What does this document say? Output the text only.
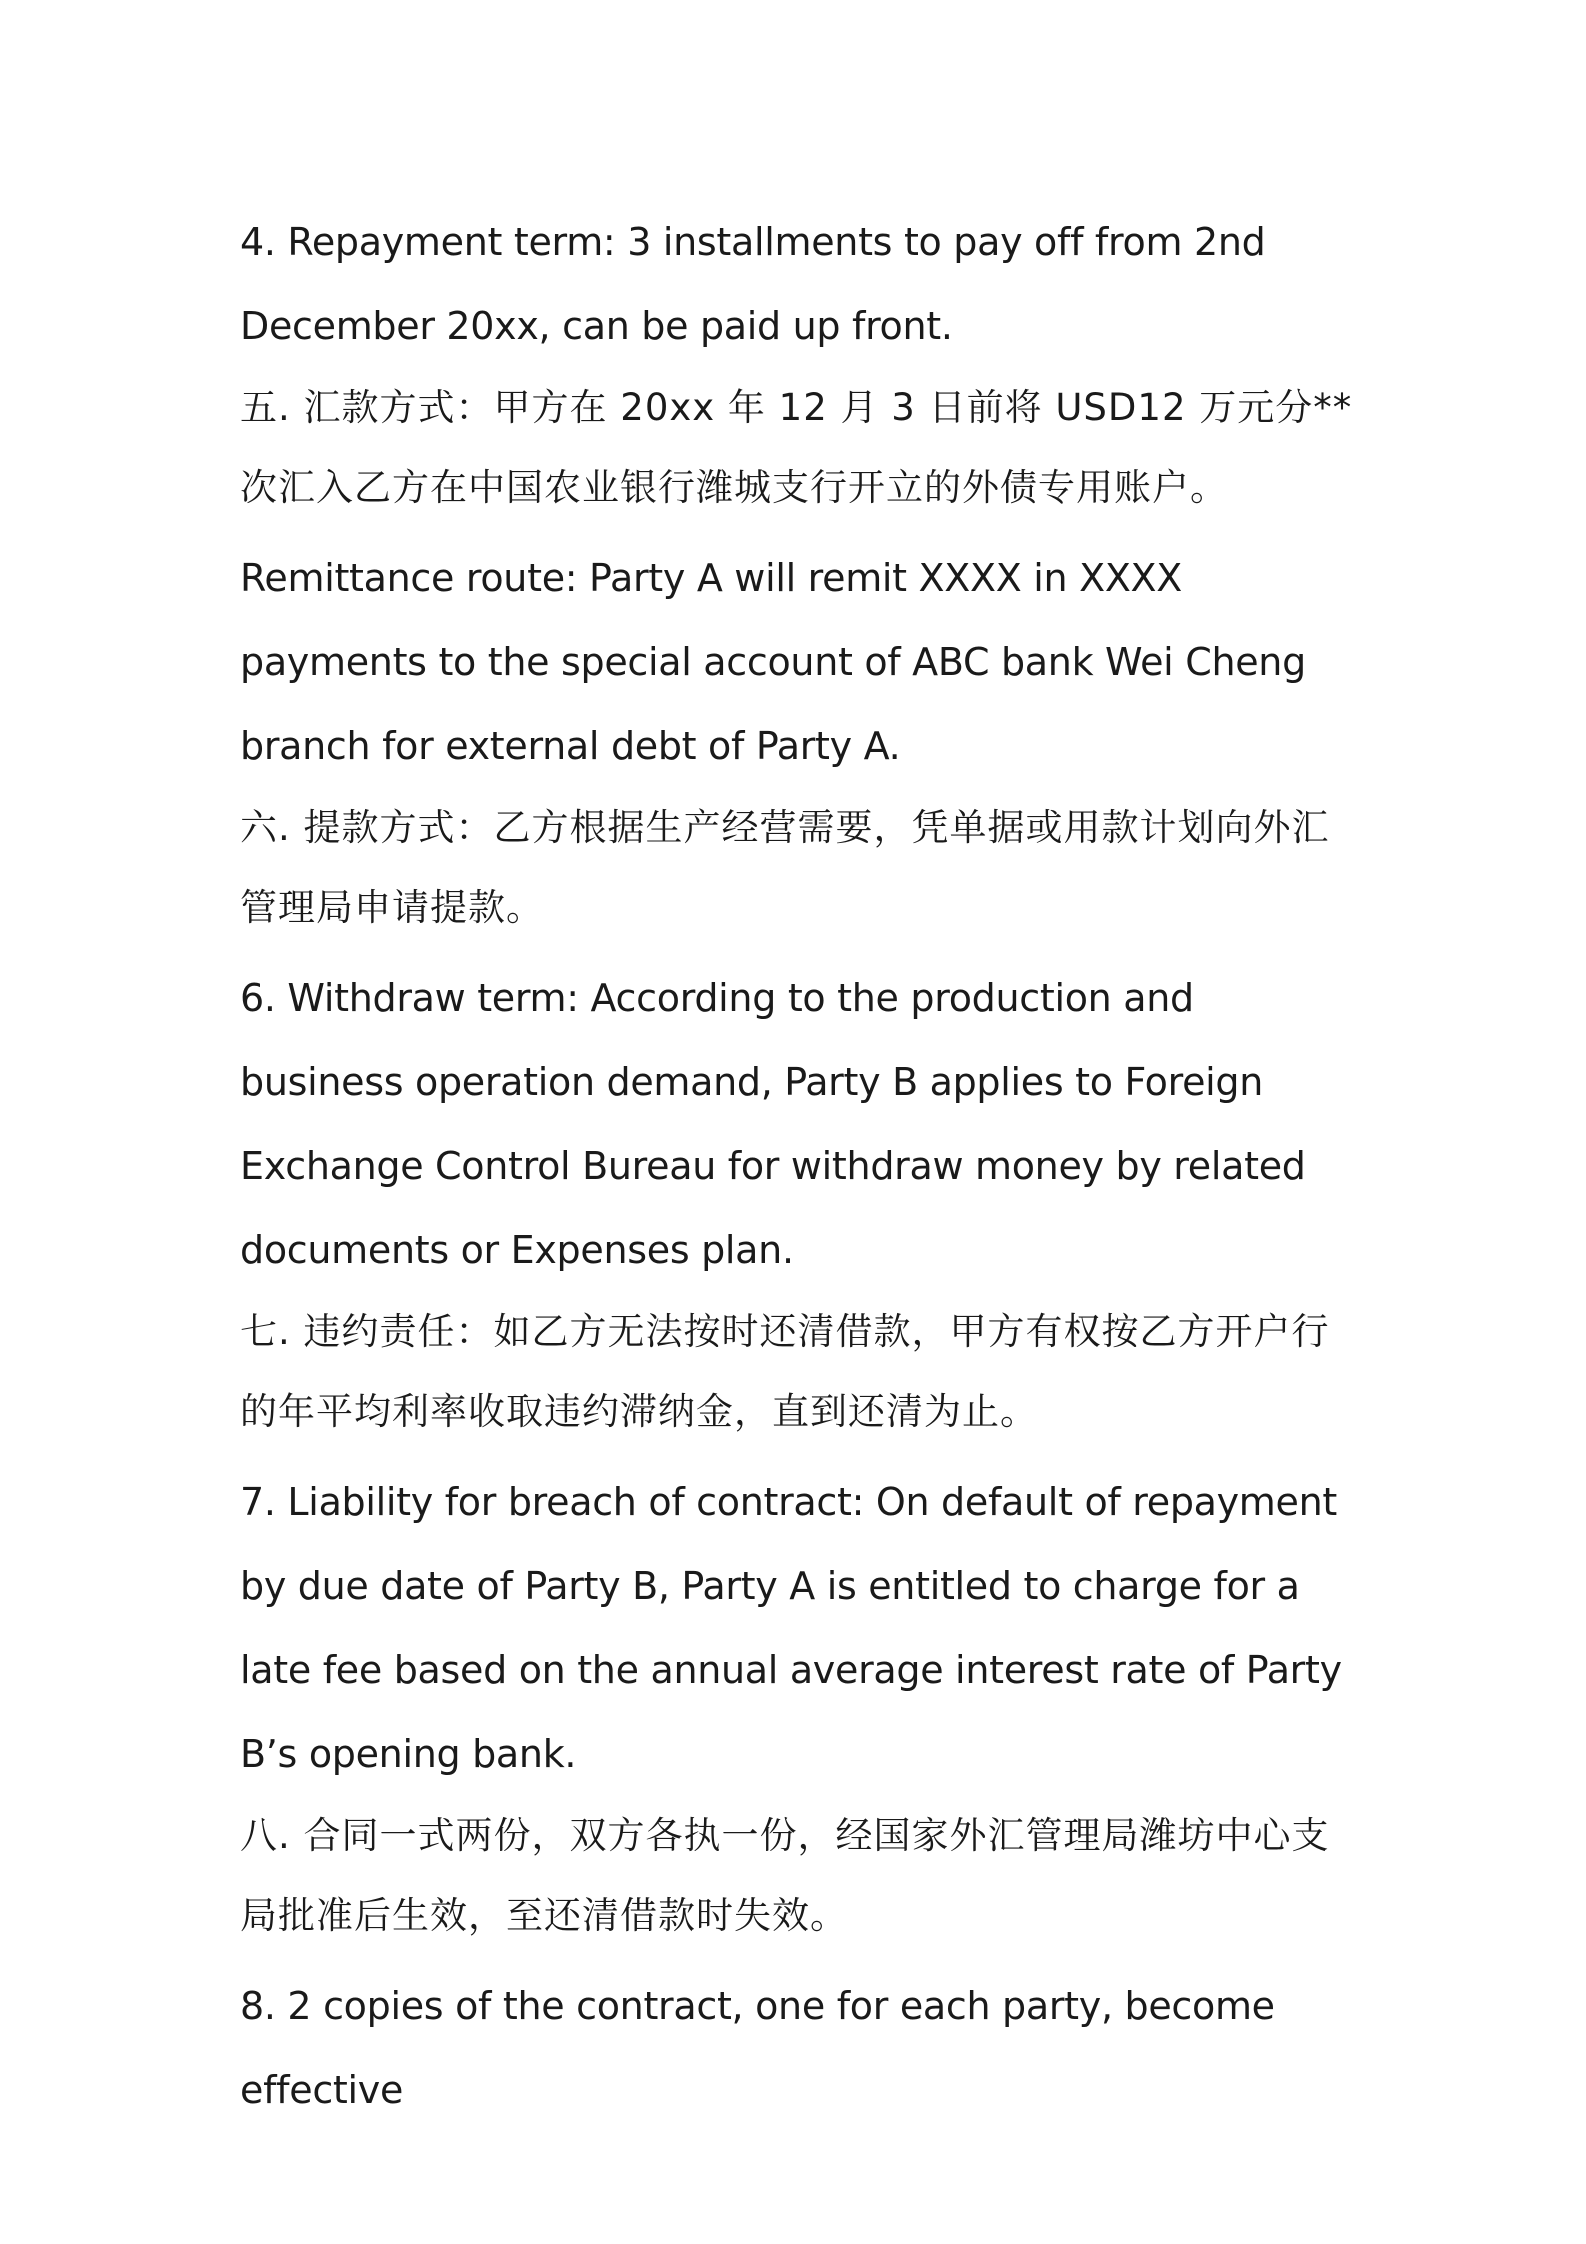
4. Repayment term: 3 installments to pay off from 2nd December 20xx, can be paid up front.

五. 汇款方式：甲方在 20xx 年 12 月 3 日前将 USD12 万元分**次汇入乙方在中国农业银行潍城支行开立的外债专用账户。

Remittance route: Party A will remit XXXX in XXXX payments to the special account of ABC bank Wei Cheng branch for external debt of Party A.

六. 提款方式：乙方根据生产经营需要，凭单据或用款计划向外汇管理局申请提款。

6. Withdraw term: According to the production and business operation demand, Party B applies to Foreign Exchange Control Bureau for withdraw money by related documents or Expenses plan.

七. 违约责任：如乙方无法按时还清借款，甲方有权按乙方开户行的年平均利率收取违约滞纳金，直到还清为止。

7. Liability for breach of contract: On default of repayment by due date of Party B, Party A is entitled to charge for a late fee based on the annual average interest rate of Party B’s opening bank.

八. 合同一式两份，双方各执一份，经国家外汇管理局潍坊中心支局批准后生效，至还清借款时失效。

8. 2 copies of the contract, one for each party, become effective
